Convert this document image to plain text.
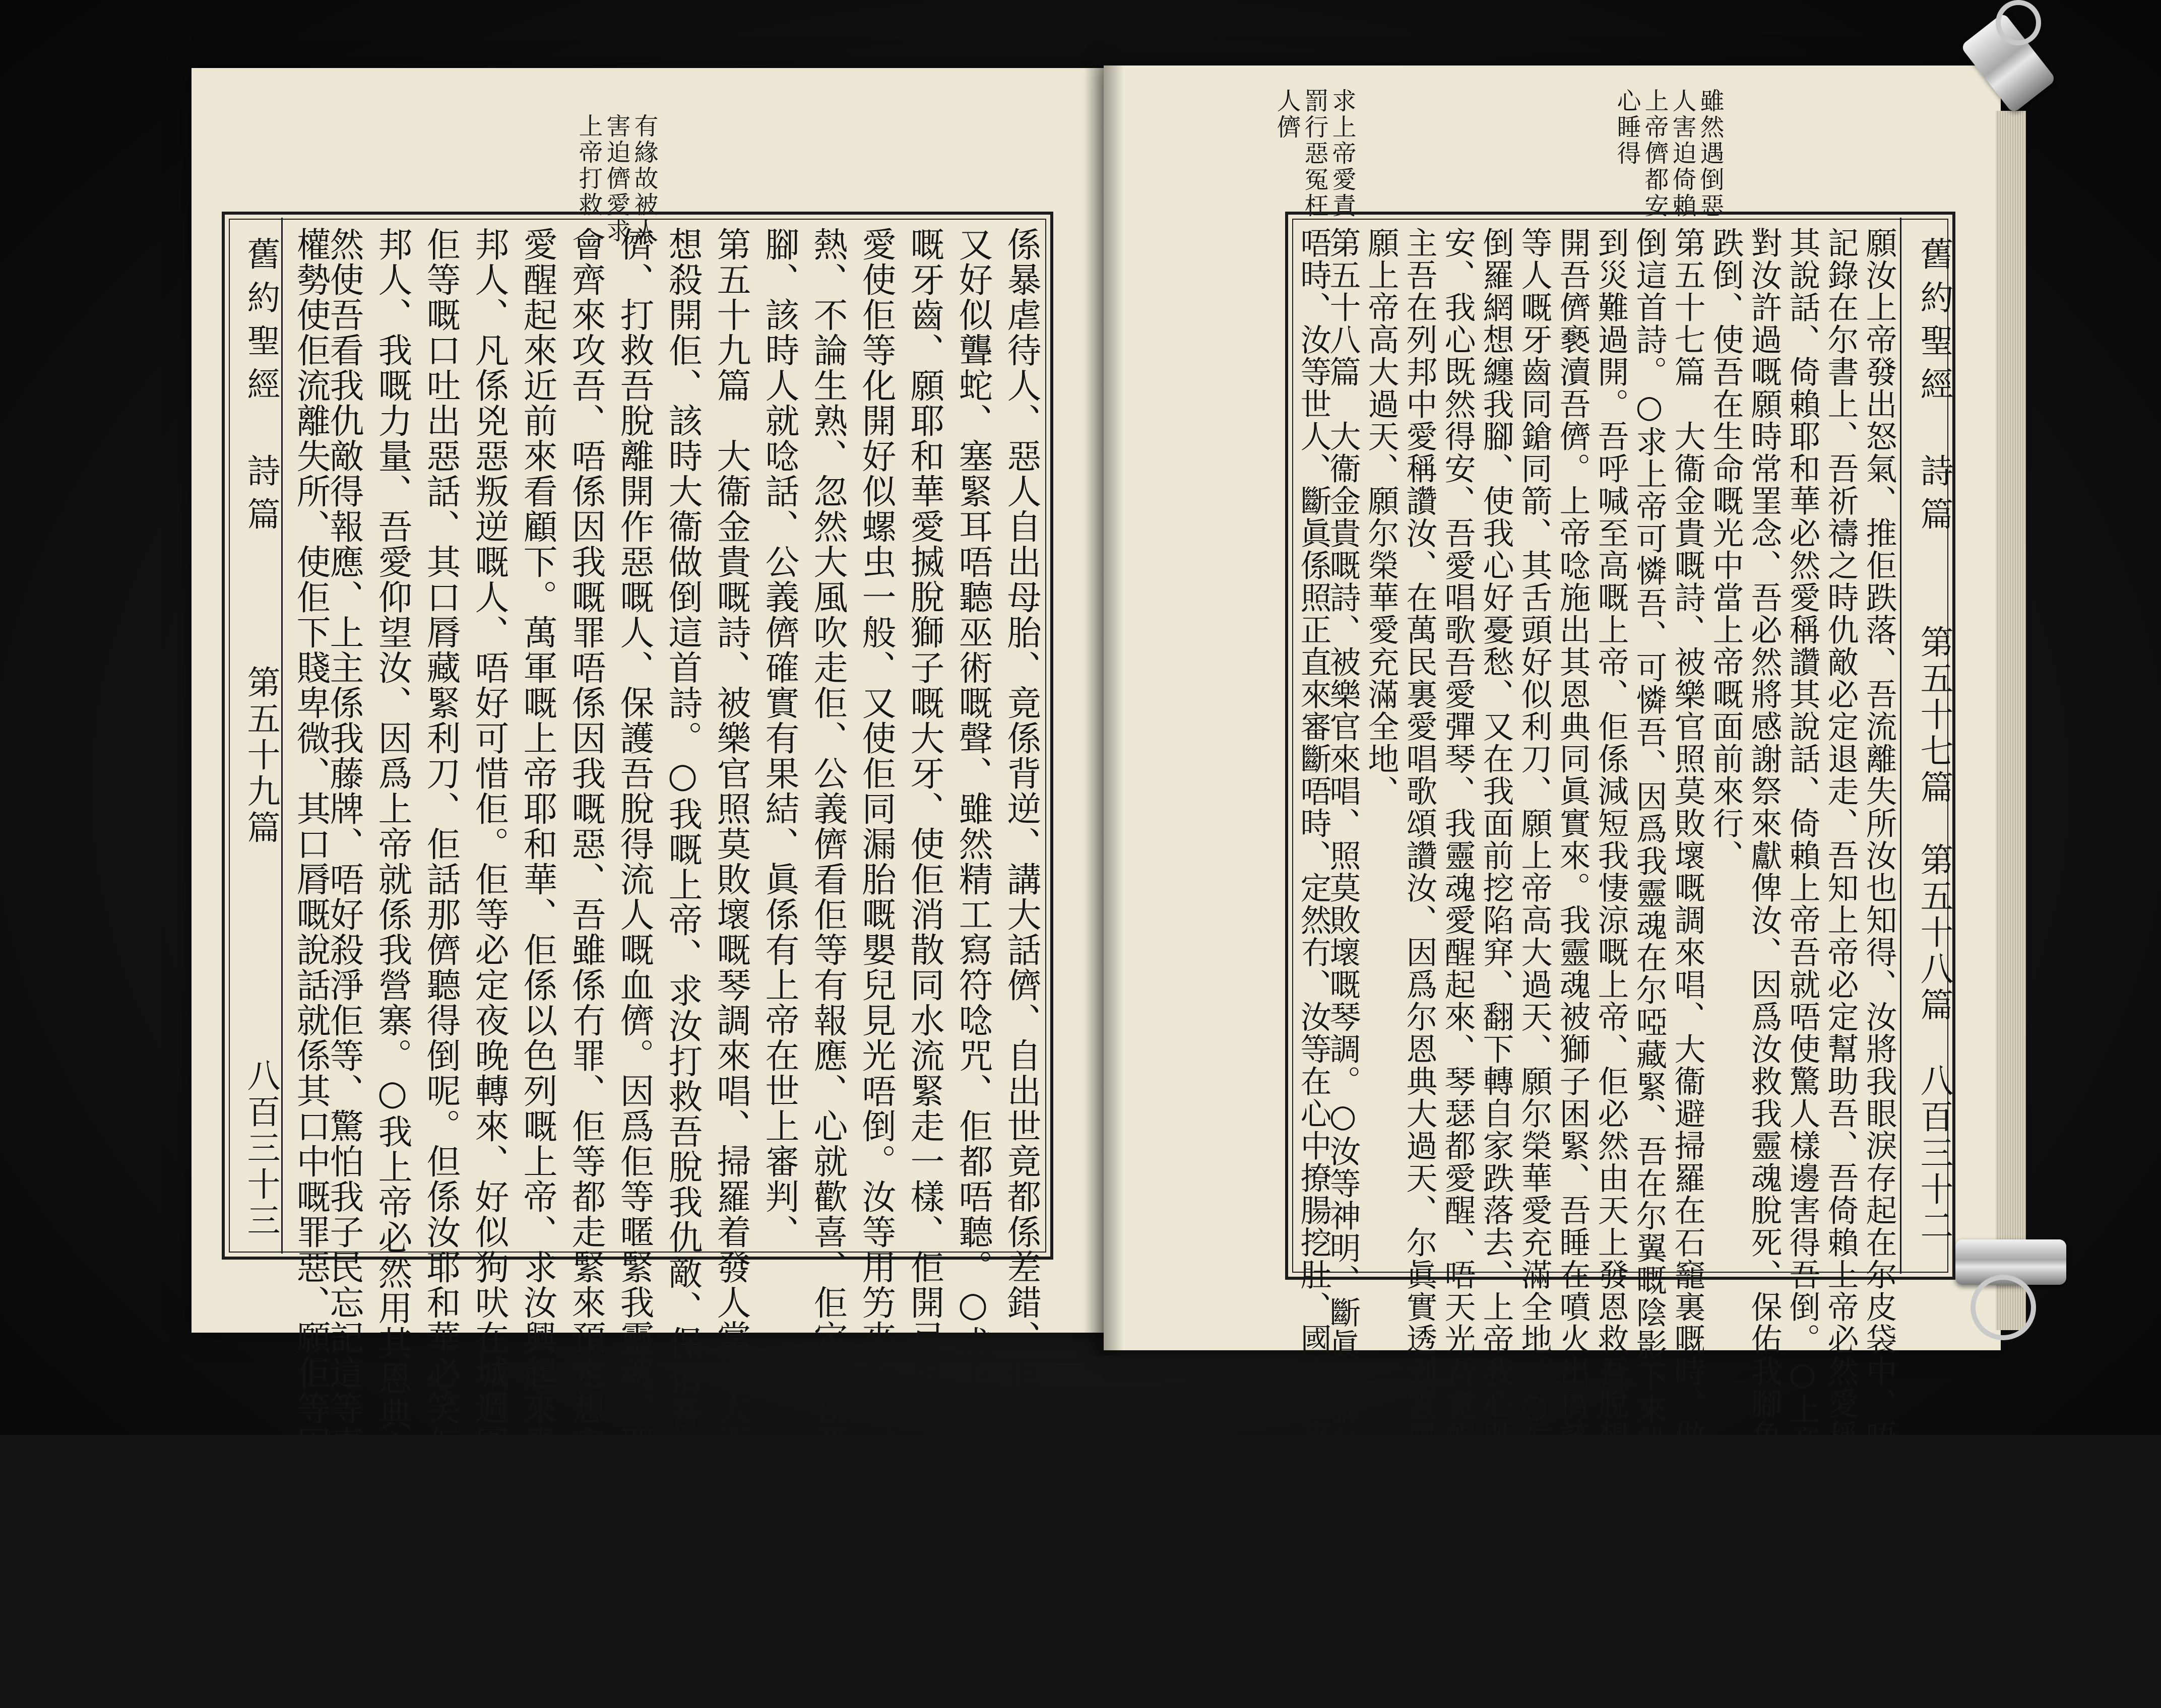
有緣故被人
害迫儕愛求
上帝打救	雖然遇倒惡
人害迫倚賴
上帝儕都安
心睡得
求上帝愛責
罰行惡冤枉
人儕
舊約聖經　詩篇
第五十九篇
八百三十三	係暴虐待人、惡人自出母胎、竟係背逆、講大話儕、自出世竟都係差錯、佢等惡毒好似毒蛇、
又好似聾蛇、塞緊耳唔聽巫術嘅聲、雖然精工寫符唸咒、佢都唔聽。○求上帝愛拗斷其口裏
嘅牙齒、願耶和華愛搣脫獅子嘅大牙、使佢消散同水流緊走一樣、佢開弓射箭、其箭矢愛斷、
愛使佢等化開好似螺虫一般、又使佢同漏胎嘅嬰兒見光唔倒。汝等用竻來燒火、鍋都唔曾
熱、不論生熟、忽然大風吹走佢、公義儕看佢等有報應、心就歡喜、佢定然在惡人嘅血裏來洗
腳、該時人就唸話、公義儕確實有果結、眞係有上帝在世上審判、
第五十九篇　大衞金貴嘅詩、被樂官照莫敗壞嘅琴調來唱、掃羅着發人掌守大衞嘅屋、
想殺開佢、該時大衞做倒這首詩。○我嘅上帝、求汝打救吾脫我仇敵、保佑吾脫起身來攻吾
儕、打救吾脫離開作惡嘅人、保護吾脫得流人嘅血儕。因爲佢等暱緊我靈魂、耶和華、強橫嘅人
會齊來攻吾、唔係因我嘅罪唔係因我嘅惡、吾雖係冇罪、佢等都走緊來預定想害吾、求汝主
愛醒起來近前來看顧下。萬軍嘅上帝耶和華、佢係以色列嘅上帝、求汝興起來責罰所有異
邦人、凡係兇惡叛逆嘅人、唔好可惜佢。佢等必定夜晚轉來、好似狗吠在城週圍行走、試看下
佢等嘅口吐出惡話、其口脣藏緊利刀、佢話那儕聽得倒呢。但係汝耶和華必笑佢、汝恥笑所有異
邦人、我嘅力量、吾愛仰望汝、因爲上帝就係我營寨。○我上帝必然用其恩典來接吾、上帝必
然使吾看我仇敵得報應、上主係我藤牌、唔好殺淨佢等、驚怕我子民忘記這等事、求汝用尔
權勢使佢流離失所、使佢下賤卑微、其口脣嘅說話就係其口中嘅罪惡、願佢等因爲驕傲呪	舊約聖經　詩篇
第五十七篇　第五十八篇
八百三十二
願汝上帝發出怒氣、推佢跌落、吾流離失所汝也知得、汝將我眼淚存起在尔皮袋中、唔時唔
記錄在尔書上、吾祈禱之時仇敵必定退走、吾知上帝必定幫助吾、吾倚賴上帝必然愛稱讚
其說話、倚賴耶和華必然愛稱讚其說話、倚賴上帝吾就唔使驚人樣邊害得吾倒。○上帝吾
對汝許過嘅願時常罣念、吾必然將感謝祭來獻俾汝、因爲汝救我靈魂脫死、保佑我腳免致
跌倒、使吾在生命嘅光中當上帝嘅面前來行、
第五十七篇　大衞金貴嘅詩、被樂官照莫敗壞嘅調來唱、大衞避掃羅在石竉裏嘅時、做
倒這首詩。○求上帝可憐吾、可憐吾、因爲我靈魂在尔啞藏緊、吾在尔翼嘅陰影下來躲身、等
到災難過開。吾呼喊至高嘅上帝、佢係減短我悽涼嘅上帝、佢必然由天上發恩救吾脫想吞
開吾儕褻瀆吾儕。上帝唸施出其恩典同眞實來。我靈魂被獅子困緊、吾睡在噴火出儕該里、該
等人嘅牙齒同鎗同箭、其舌頭好似利刀、願上帝高大過天、願尔榮華愛充滿全地。○佢等設
倒羅網想纏我腳、使我心好憂愁、又在我面前挖陷穽、翻下轉自家跌落去、上帝我心既然得
安、我心既然得安、吾愛唱歌吾愛彈琴、我靈魂愛醒起來、琴瑟都愛醒、唔天光吾竟醒起來、上
主吾在列邦中愛稱讚汝、在萬民裏愛唱歌頌讚汝、因爲尔恩典大過天、尔眞實透到雲里去、
願上帝高大過天、願尔榮華愛充滿全地、
第五十八篇　大衞金貴嘅詩、被樂官來唱、照莫敗壞嘅琴調。○汝等神明、斷眞係講公義
唔時、汝等世人、斷眞係照正直來審斷唔時、定然冇、汝等在心中撩腸挖肚、國中往來尔手竟
